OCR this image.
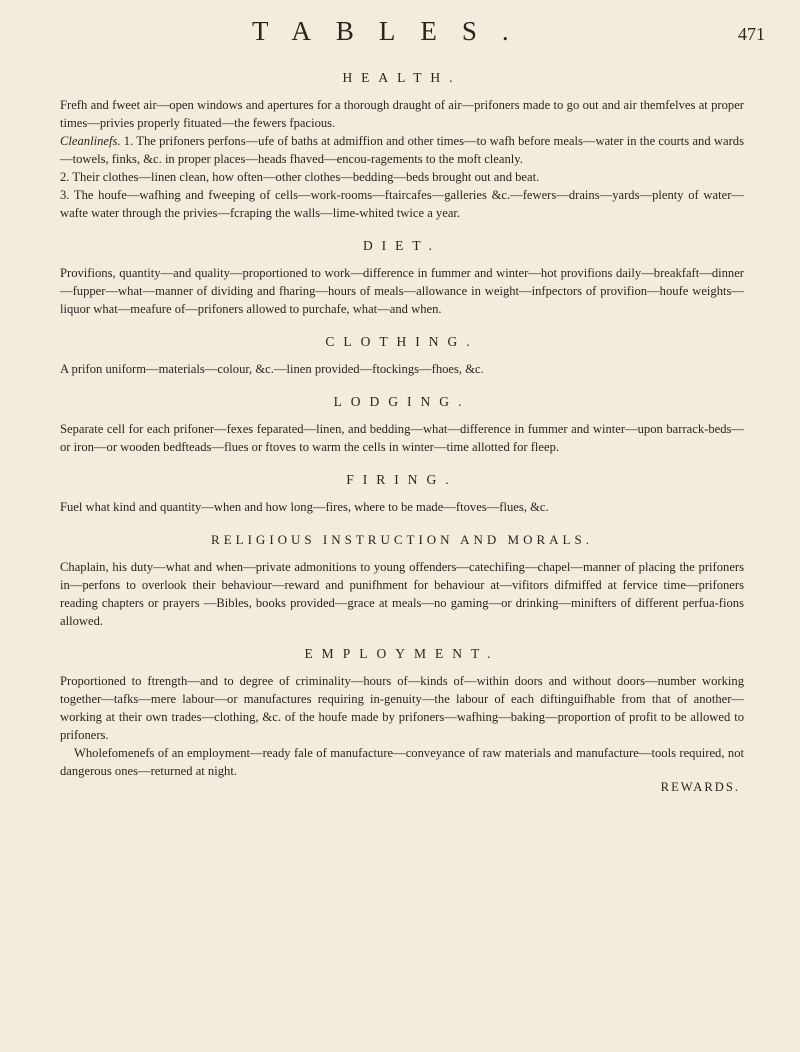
TABLES.	471
HEALTH.

Frefh and fweet air—open windows and apertures for a thorough draught of air—prifoners made to go out and air themfelves at proper times—privies properly fituated—the fewers fpacious.

Cleanlinefs. 1. The prifoners perfons—ufe of baths at admiffion and other times—to wafh before meals—water in the courts and wards—towels, finks, &c. in proper places—heads fhaved—encou-ragements to the moft cleanly.

2. Their clothes—linen clean, how often—other clothes—bedding—beds brought out and beat.

3. The houfe—wafhing and fweeping of cells—work-rooms—ftaircafes—galleries &c.—fewers—drains—yards—plenty of water—wafte water through the privies—fcraping the walls—lime-whited twice a year.

DIET.

Provifions, quantity—and quality—proportioned to work—difference in fummer and winter—hot provifions daily—breakfaft—dinner—fupper—what—manner of dividing and fharing—hours of meals—allowance in weight—infpectors of provifion—houfe weights—liquor what—meafure of—prifoners allowed to purchafe, what—and when.

CLOTHING.

A prifon uniform—materials—colour, &c.—linen provided—ftockings—fhoes, &c.

LODGING.

Separate cell for each prifoner—fexes feparated—linen, and bedding—what—difference in fummer and winter—upon barrack-beds—or iron—or wooden bedfteads—flues or ftoves to warm the cells in winter—time allotted for fleep.

FIRING.

Fuel what kind and quantity—when and how long—fires, where to be made—ftoves—flues, &c.

RELIGIOUS INSTRUCTION AND MORALS.

Chaplain, his duty—what and when—private admonitions to young offenders—catechifing—chapel—manner of placing the prifoners in—perfons to overlook their behaviour—reward and punifhment for behaviour at—vifitors difmiffed at fervice time—prifoners reading chapters or prayers —Bibles, books provided—grace at meals—no gaming—or drinking—minifters of different perfua-fions allowed.

EMPLOYMENT.

Proportioned to ftrength—and to degree of criminality—hours of—kinds of—within doors and without doors—number working together—tafks—mere labour—or manufactures requiring in-genuity—the labour of each diftinguifhable from that of another—working at their own trades—clothing, &c. of the houfe made by prifoners—wafhing—baking—proportion of profit to be allowed to prifoners.

Wholefomenefs of an employment—ready fale of manufacture—conveyance of raw materials and manufacture—tools required, not dangerous ones—returned at night.

REWARDS.
